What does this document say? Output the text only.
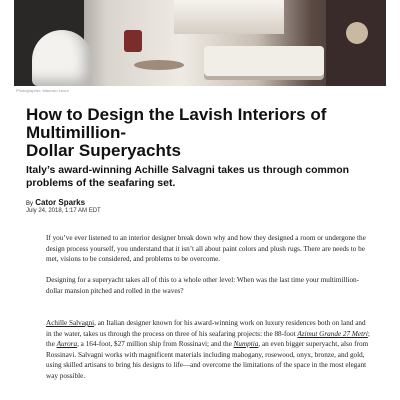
Photographer: Maurizio Leoni
How to Design the Lavish Interiors of
Multimillion-
Dollar Superyachts

Italy’s award-winning Achille Salvagni takes us through common problems of the seafaring set.

By Cator Sparks
July 24, 2018, 1:17 AM EDT

If you’ve ever listened to an interior designer break down why and how they designed a room or undergone the design process yourself, you understand that it isn’t all about paint colors and plush rugs. There are needs to be met, visions to be considered, and problems to be overcome.

Designing for a superyacht takes all of this to a whole other level: When was the last time your multimillion-dollar mansion pitched and rolled in the waves?

Achille Salvagni, an Italian designer known for his award-winning work on luxury residences both on land and in the water, takes us through the process on three of his seafaring projects: the 88-foot Azimut Grande 27 Metri; the Aurora, a 164-foot, $27 million ship from Rossinavi; and the Numptia, an even bigger superyacht, also from Rossinavi. Salvagni works with magnificent materials including mahogany, rosewood, onyx, bronze, and gold, using skilled artisans to bring his designs to life—and overcome the limitations of the space in the most elegant way possible.
